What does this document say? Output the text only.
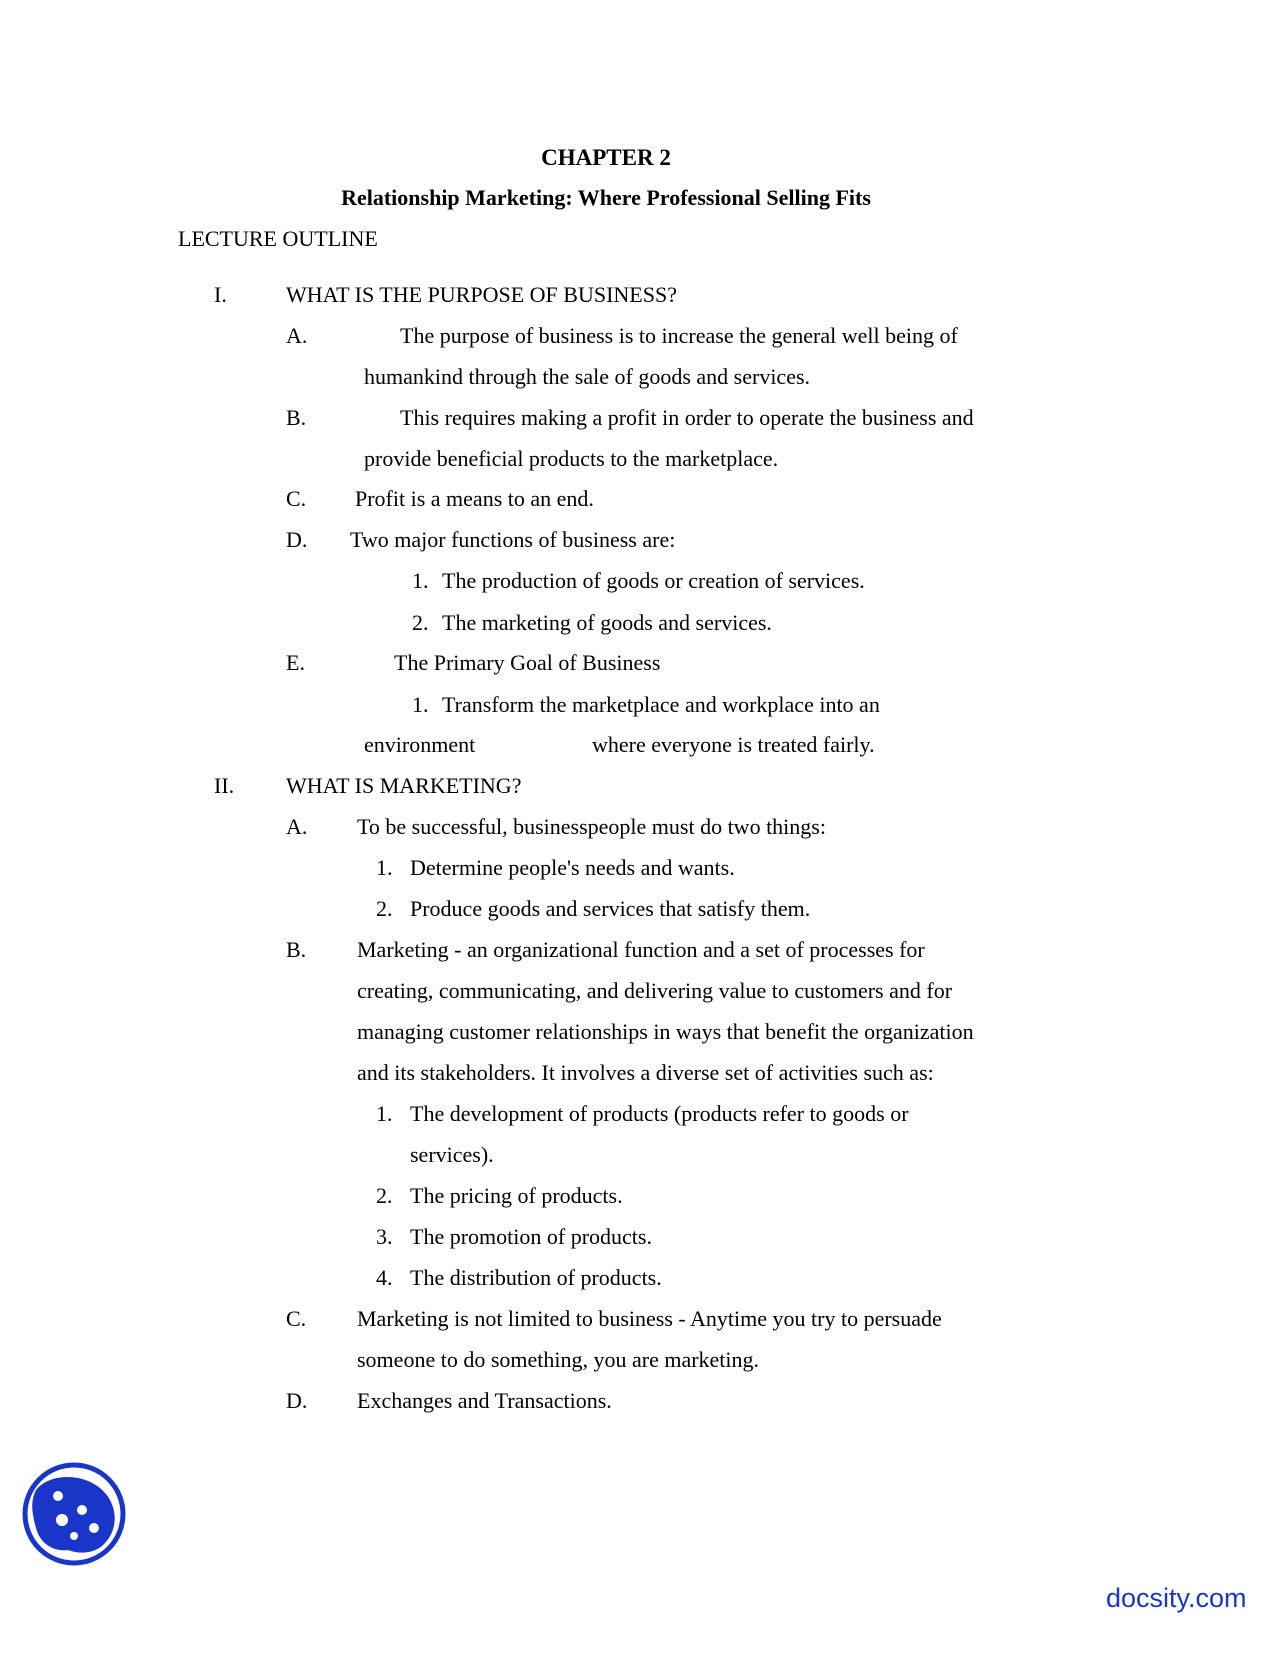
CHAPTER 2
Relationship Marketing: Where Professional Selling Fits
LECTURE OUTLINE
I.	WHAT IS THE PURPOSE OF BUSINESS?
A.	The purpose of business is to increase the general well being of
humankind through the sale of goods and services.
B.	This requires making a profit in order to operate the business and
provide beneficial products to the marketplace.
C. Profit is a means to an end.
D. Two major functions of business are:
1. The production of goods or creation of services.
2. The marketing of goods and services.
E.	The Primary Goal of Business
1. Transform the marketplace and workplace into an
environment	where everyone is treated fairly.
II. WHAT IS MARKETING?
A. To be successful, businesspeople must do two things:
1. Determine people's needs and wants.
2. Produce goods and services that satisfy them.
B. Marketing - an organizational function and a set of processes for
creating, communicating, and delivering value to customers and for
managing customer relationships in ways that benefit the organization
and its stakeholders. It involves a diverse set of activities such as:
1. The development of products (products refer to goods or
services).
2. The pricing of products.
3. The promotion of products.
4. The distribution of products.
C. Marketing is not limited to business - Anytime you try to persuade
someone to do something, you are marketing.
D. Exchanges and Transactions.
docsity.com
